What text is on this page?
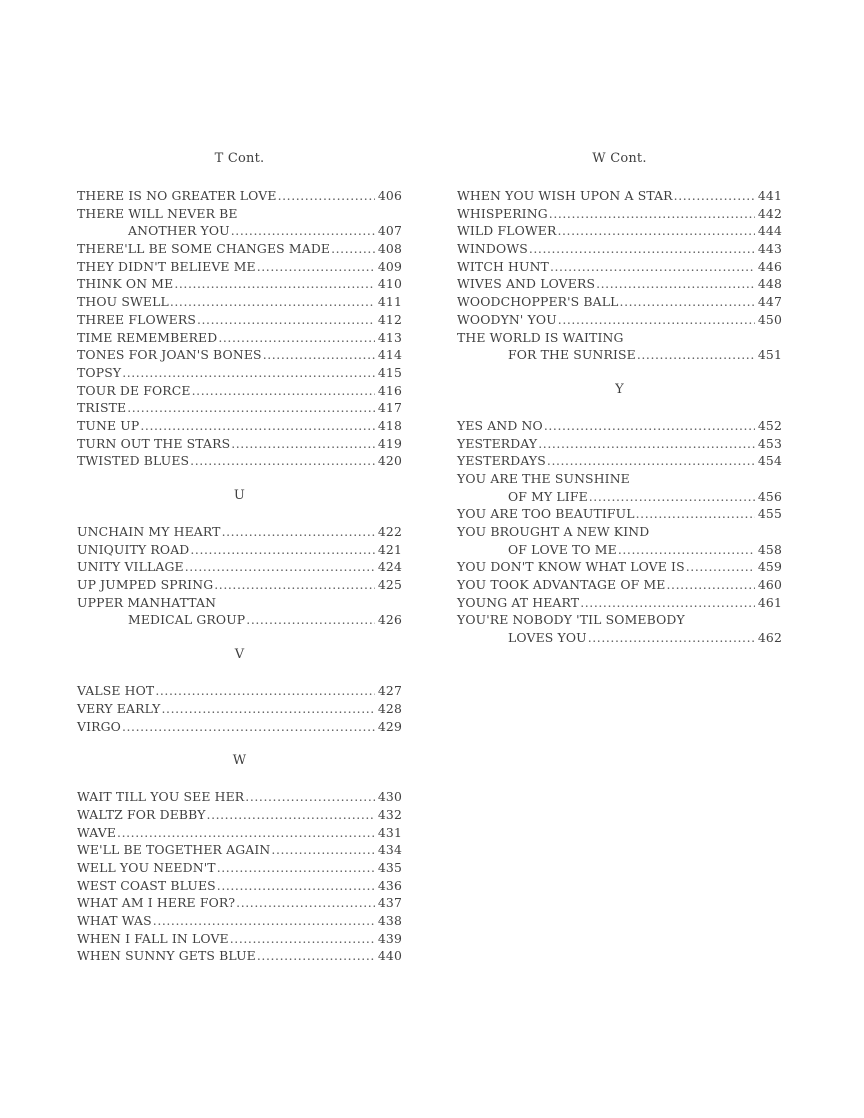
T Cont.
THERE IS NO GREATER LOVE .....	406
THERE WILL NEVER BE
ANOTHER YOU .....	407
THERE'LL BE SOME CHANGES MADE .....	408
THEY DIDN'T BELIEVE ME .....	409
THINK ON ME .....	410
THOU SWELL .....	411
THREE FLOWERS .....	412
TIME REMEMBERED .....	413
TONES FOR JOAN'S BONES .....	414
TOPSY .....	415
TOUR DE FORCE .....	416
TRISTE .....	417
TUNE UP .....	418
TURN OUT THE STARS .....	419
TWISTED BLUES .....	420
U
UNCHAIN MY HEART .....	422
UNIQUITY ROAD .....	421
UNITY VILLAGE .....	424
UP JUMPED SPRING .....	425
UPPER MANHATTAN
MEDICAL GROUP .....	426
V
VALSE HOT .....	427
VERY EARLY .....	428
VIRGO .....	429
W
WAIT TILL YOU SEE HER .....	430
WALTZ FOR DEBBY .....	432
WAVE .....	431
WE'LL BE TOGETHER AGAIN .....	434
WELL YOU NEEDN'T .....	435
WEST COAST BLUES .....	436
WHAT AM I HERE FOR? .....	437
WHAT WAS .....	438
WHEN I FALL IN LOVE .....	439
WHEN SUNNY GETS BLUE .....	440
W Cont.
WHEN YOU WISH UPON A STAR .....	441
WHISPERING .....	442
WILD FLOWER .....	444
WINDOWS .....	443
WITCH HUNT .....	446
WIVES AND LOVERS .....	448
WOODCHOPPER'S BALL .....	447
WOODYN' YOU .....	450
THE WORLD IS WAITING
FOR THE SUNRISE .....	451
Y
YES AND NO .....	452
YESTERDAY .....	453
YESTERDAYS .....	454
YOU ARE THE SUNSHINE
OF MY LIFE .....	456
YOU ARE TOO BEAUTIFUL .....	455
YOU BROUGHT A NEW KIND
OF LOVE TO ME .....	458
YOU DON'T KNOW WHAT LOVE IS .....	459
YOU TOOK ADVANTAGE OF ME .....	460
YOUNG AT HEART .....	461
YOU'RE NOBODY 'TIL SOMEBODY
LOVES YOU .....	462
